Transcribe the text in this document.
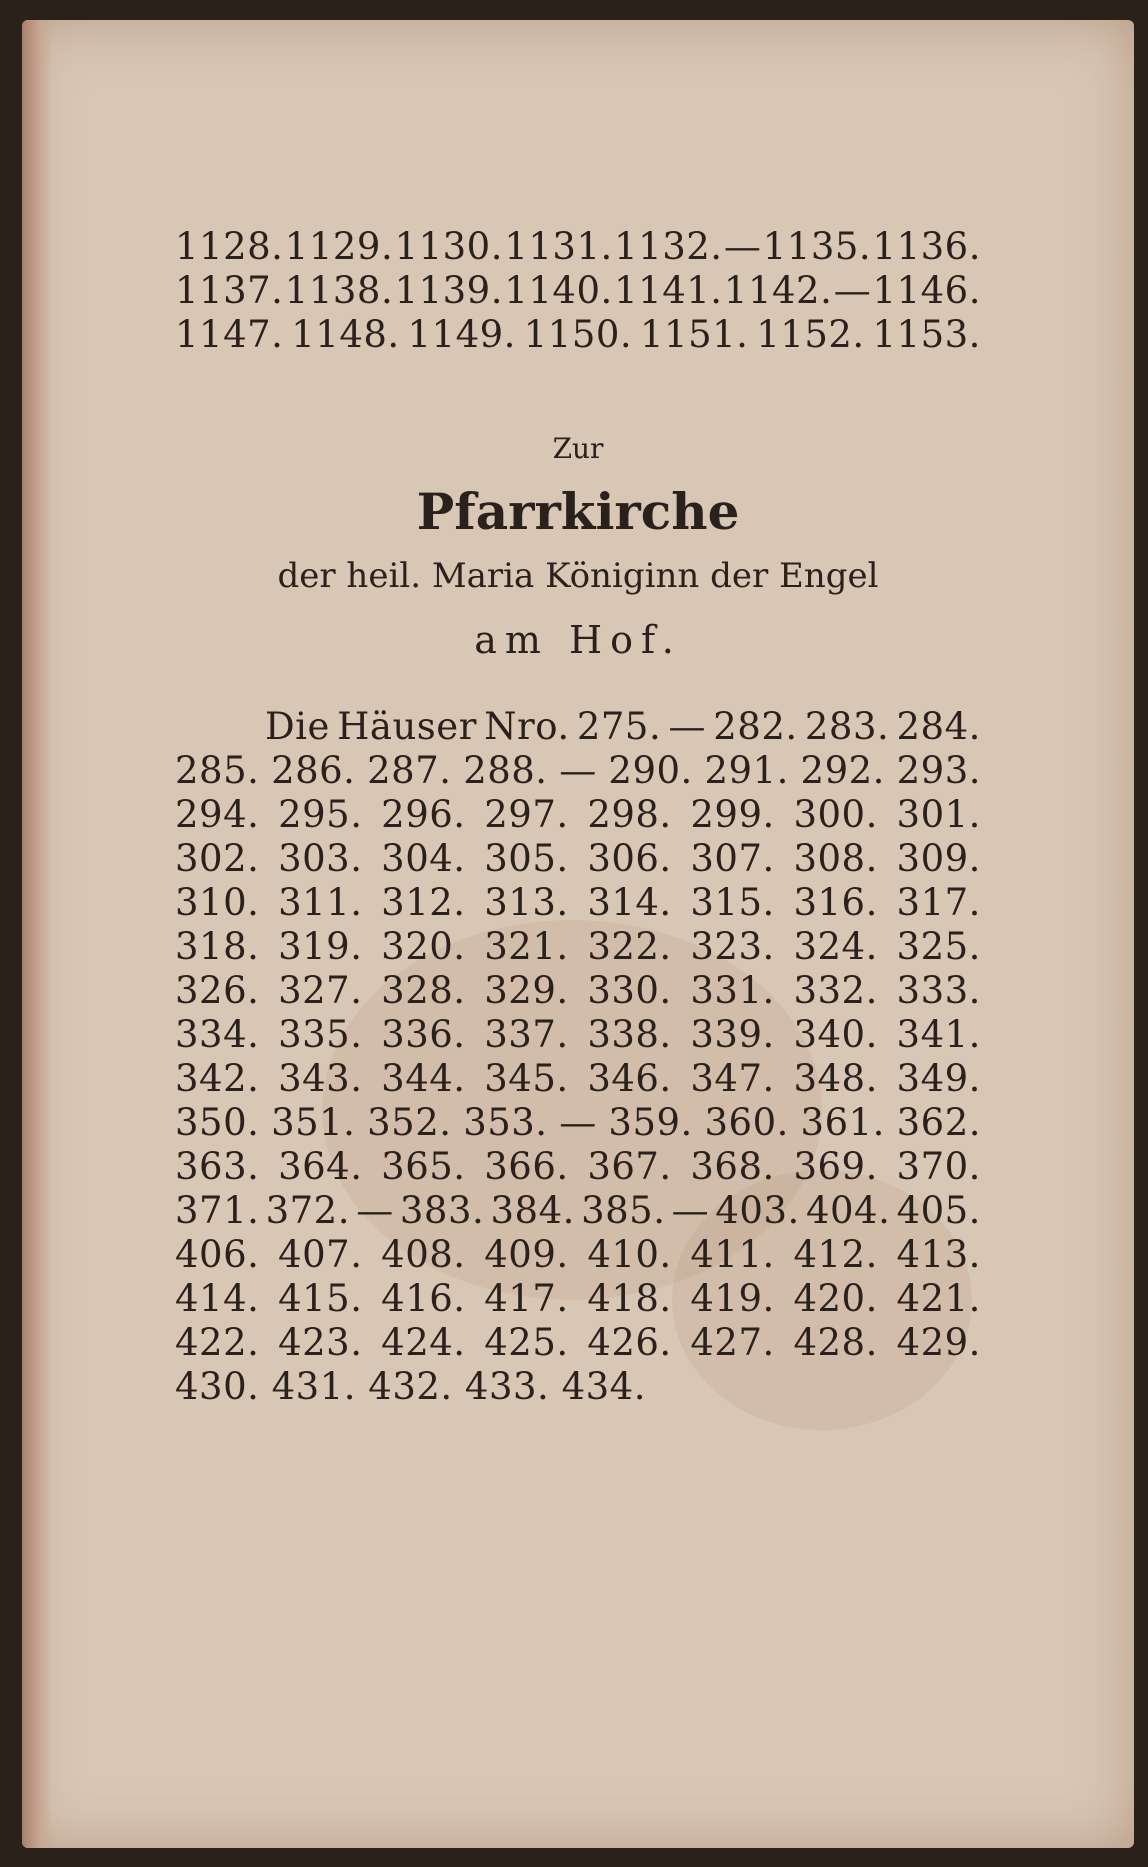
1128. 1129. 1130. 1131. 1132. — 1135. 1136.
1137. 1138. 1139. 1140. 1141. 1142. — 1146.
1147. 1148. 1149. 1150. 1151. 1152. 1153.
Zur
Pfarrkirche
der heil. Maria Königinn der Engel
am Hof.
Die Häuser Nro. 275. — 282. 283. 284.
285. 286. 287. 288. — 290. 291. 292. 293.
294. 295. 296. 297. 298. 299. 300. 301.
302. 303. 304. 305. 306. 307. 308. 309.
310. 311. 312. 313. 314. 315. 316. 317.
318. 319. 320. 321. 322. 323. 324. 325.
326. 327. 328. 329. 330. 331. 332. 333.
334. 335. 336. 337. 338. 339. 340. 341.
342. 343. 344. 345. 346. 347. 348. 349.
350. 351. 352. 353. — 359. 360. 361. 362.
363. 364. 365. 366. 367. 368. 369. 370.
371. 372. — 383. 384. 385. — 403. 404. 405.
406. 407. 408. 409. 410. 411. 412. 413.
414. 415. 416. 417. 418. 419. 420. 421.
422. 423. 424. 425. 426. 427. 428. 429.
430. 431. 432. 433. 434.
